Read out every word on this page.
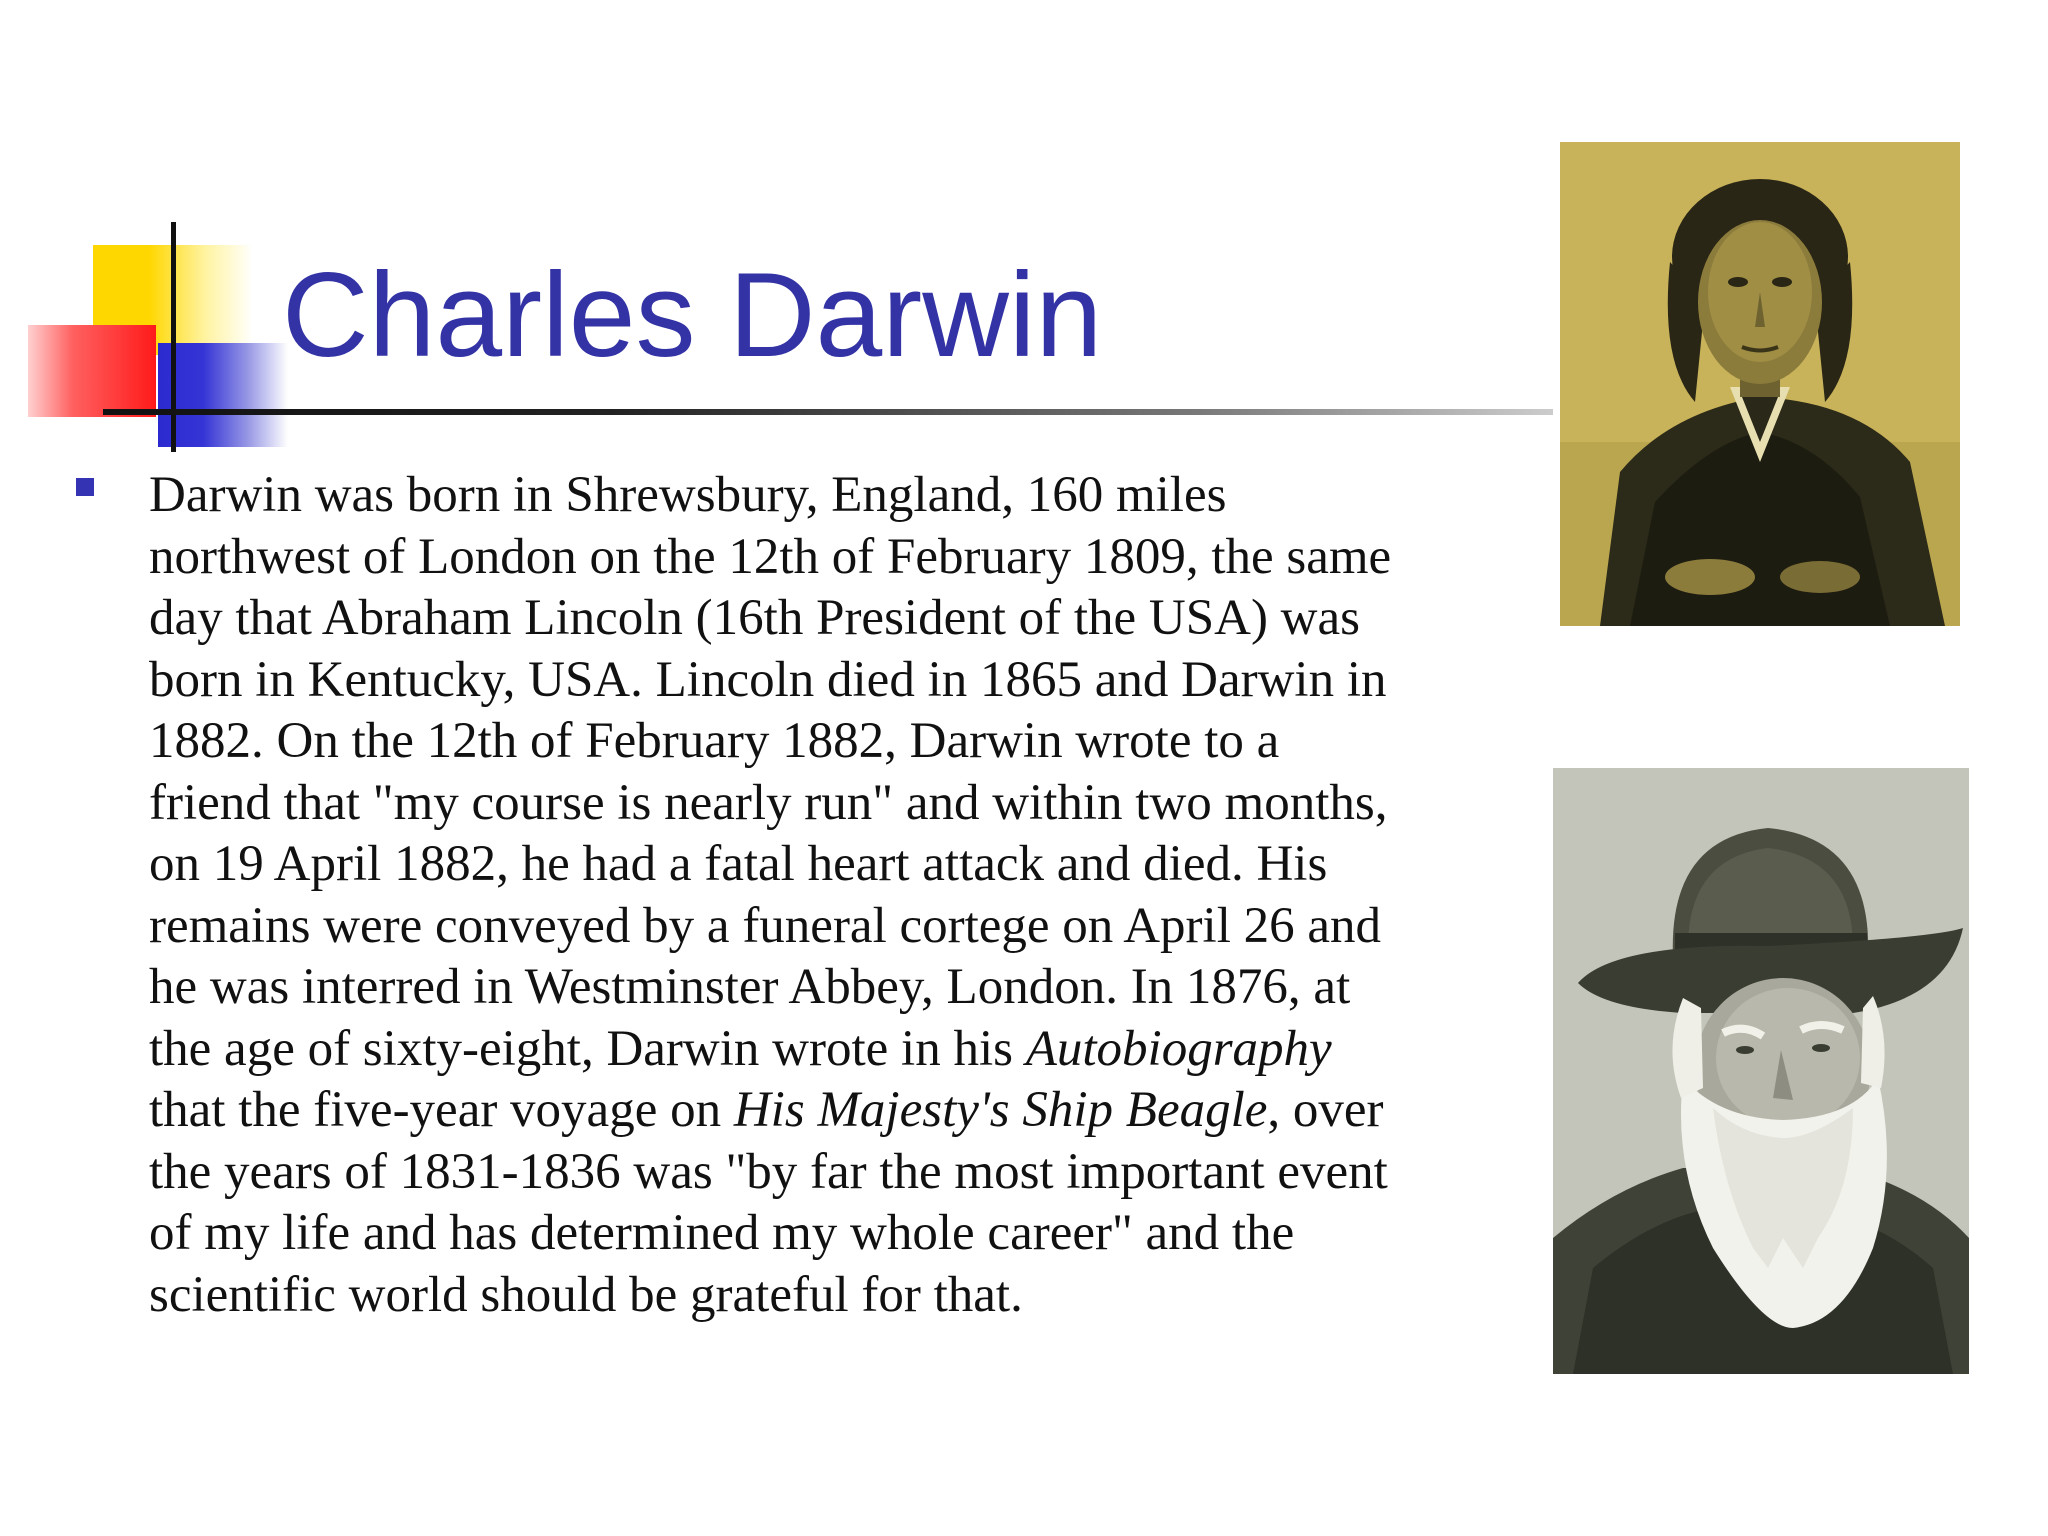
Charles Darwin

Darwin was born in Shrewsbury, England, 160 miles northwest of London on the 12th of February 1809, the same day that Abraham Lincoln (16th President of the USA) was born in Kentucky, USA. Lincoln died in 1865 and Darwin in 1882. On the 12th of February 1882, Darwin wrote to a friend that "my course is nearly run" and within two months, on 19 April 1882, he had a fatal heart attack and died. His remains were conveyed by a funeral cortege on April 26 and he was interred in Westminster Abbey, London. In 1876, at the age of sixty-eight, Darwin wrote in his Autobiography that the five-year voyage on His Majesty's Ship Beagle, over the years of 1831-1836 was "by far the most important event of my life and has determined my whole career" and the scientific world should be grateful for that.
